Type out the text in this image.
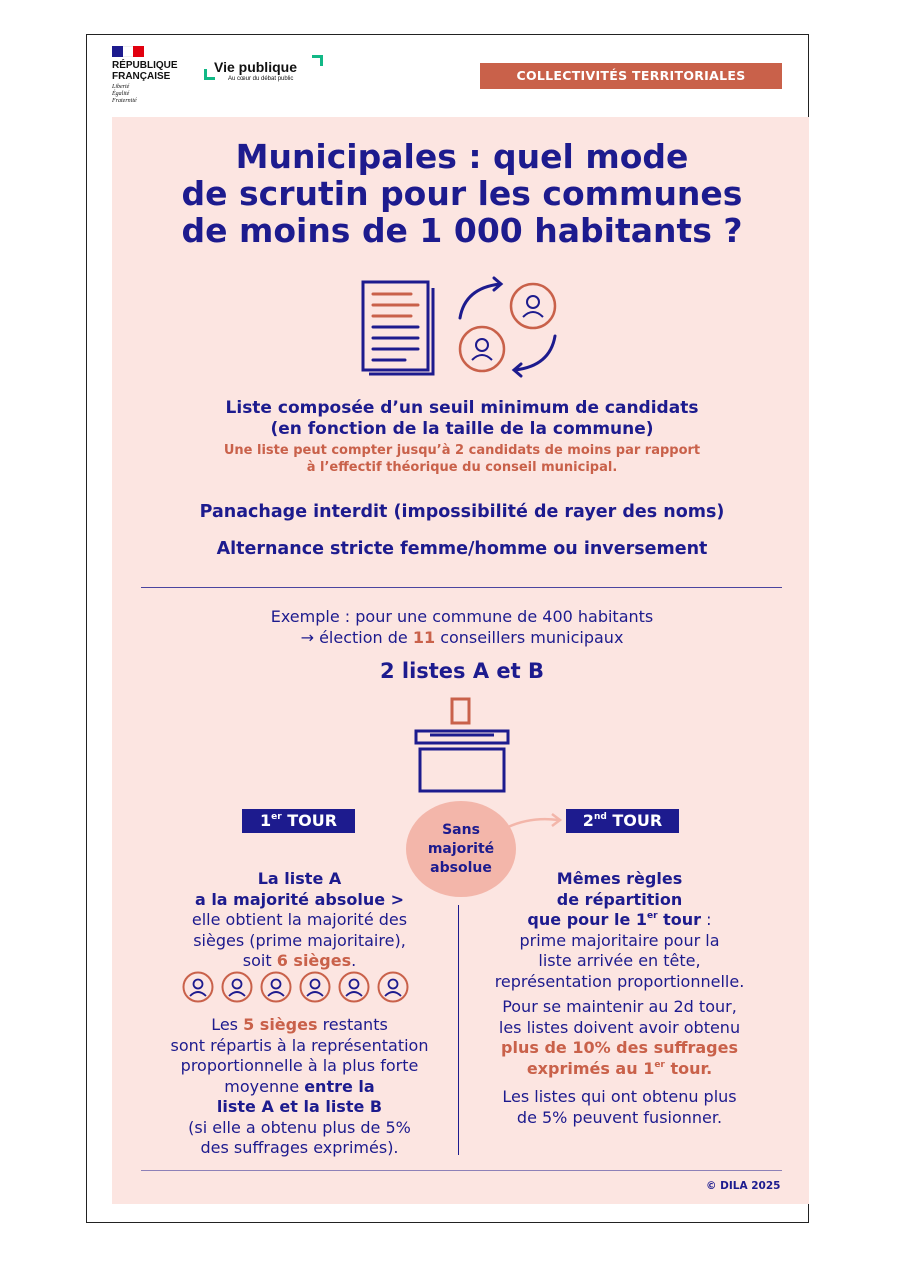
RÉPUBLIQUE
FRANÇAISE
Liberté
Égalité
Fraternité
Vie publique
Au cœur du débat public	COLLECTIVITÉS TERRITORIALES
Municipales : quel mode
de scrutin pour les communes
de moins de 1 000 habitants ?
Liste composée d’un seuil minimum de candidats
(en fonction de la taille de la commune)
Une liste peut compter jusqu’à 2 candidats de moins par rapport
à l’effectif théorique du conseil municipal.
Panachage interdit (impossibilité de rayer des noms)
Alternance stricte femme/homme ou inversement
Exemple : pour une commune de 400 habitants
→ élection de 11 conseillers municipaux
2 listes A et B
1er TOUR	2nd TOUR
Sans
majorité
absolue
La liste A
a la majorité absolue >
elle obtient la majorité des
sièges (prime majoritaire),
soit 6 sièges.
Les 5 sièges restants
sont répartis à la représentation
proportionnelle à la plus forte
moyenne entre la
liste A et la liste B
(si elle a obtenu plus de 5%
des suffrages exprimés).
Mêmes règles
de répartition
que pour le 1er tour :
prime majoritaire pour la
liste arrivée en tête,
représentation proportionnelle.
Pour se maintenir au 2d tour,
les listes doivent avoir obtenu
plus de 10% des suffrages
exprimés au 1er tour.
Les listes qui ont obtenu plus
de 5% peuvent fusionner.
© DILA 2025
